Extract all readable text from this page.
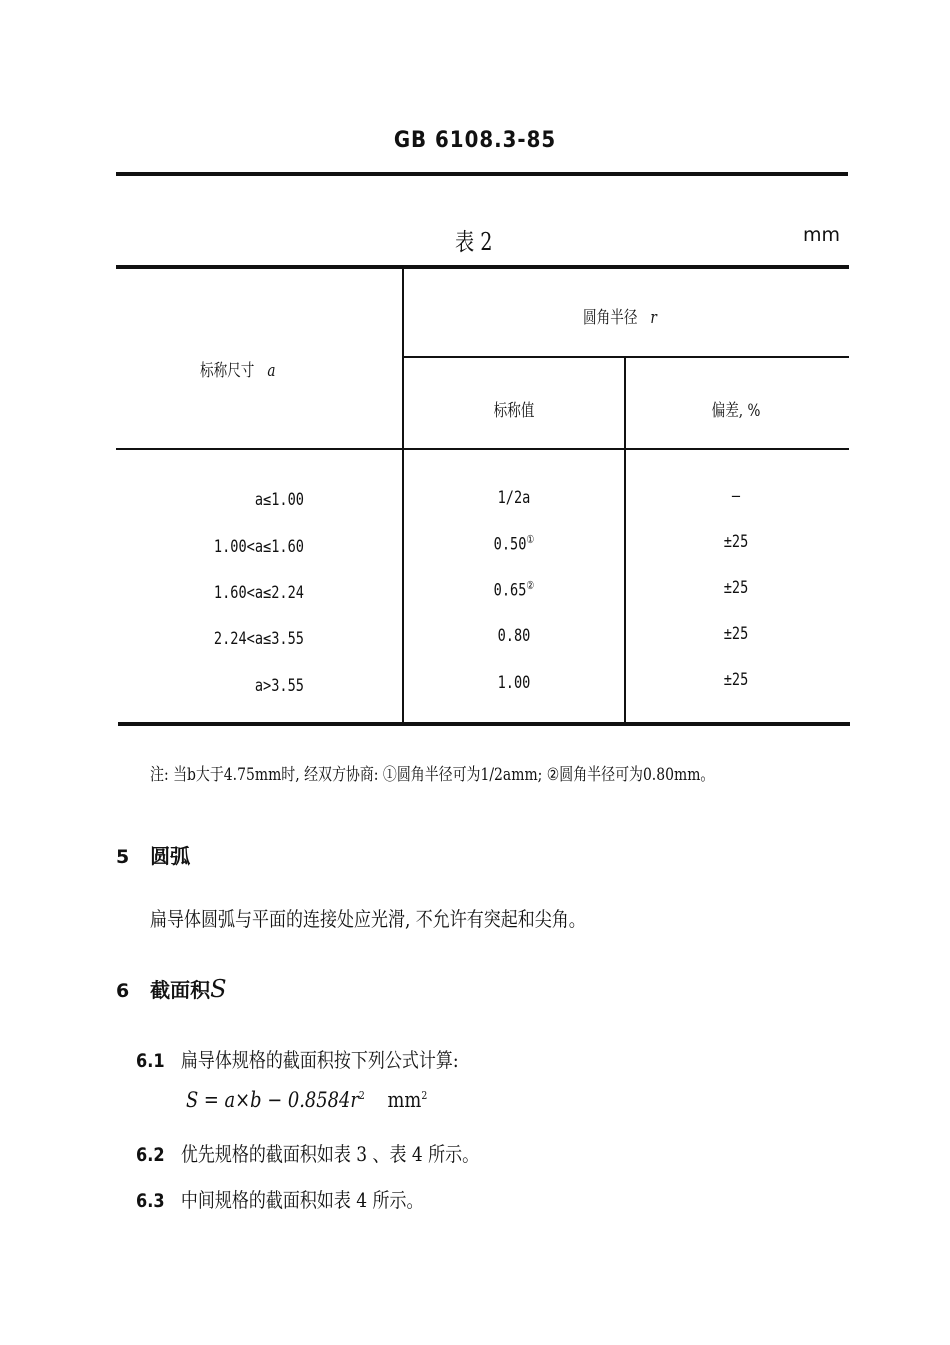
GB 6108.3-85
表 2	mm
标称尺寸 a
圆角半径 r
标称值	偏差, %
a≤1.00	1/2a	—
1.00<a≤1.60	0.50①	±25
1.60<a≤2.24	0.65②	±25
2.24<a≤3.55	0.80	±25
a>3.55	1.00	±25
注: 当b大于4.75mm时, 经双方协商: ①圆角半径可为1/2amm; ②圆角半径可为0.80mm。
5 圆弧
扁导体圆弧与平面的连接处应光滑, 不允许有突起和尖角。
6 截面积S
6.1 扁导体规格的截面积按下列公式计算:
$S = a\times b - 0.8584r^2$ $mm^2$
6.2 优先规格的截面积如表 3 、表 4 所示。
6.3 中间规格的截面积如表 4 所示。
